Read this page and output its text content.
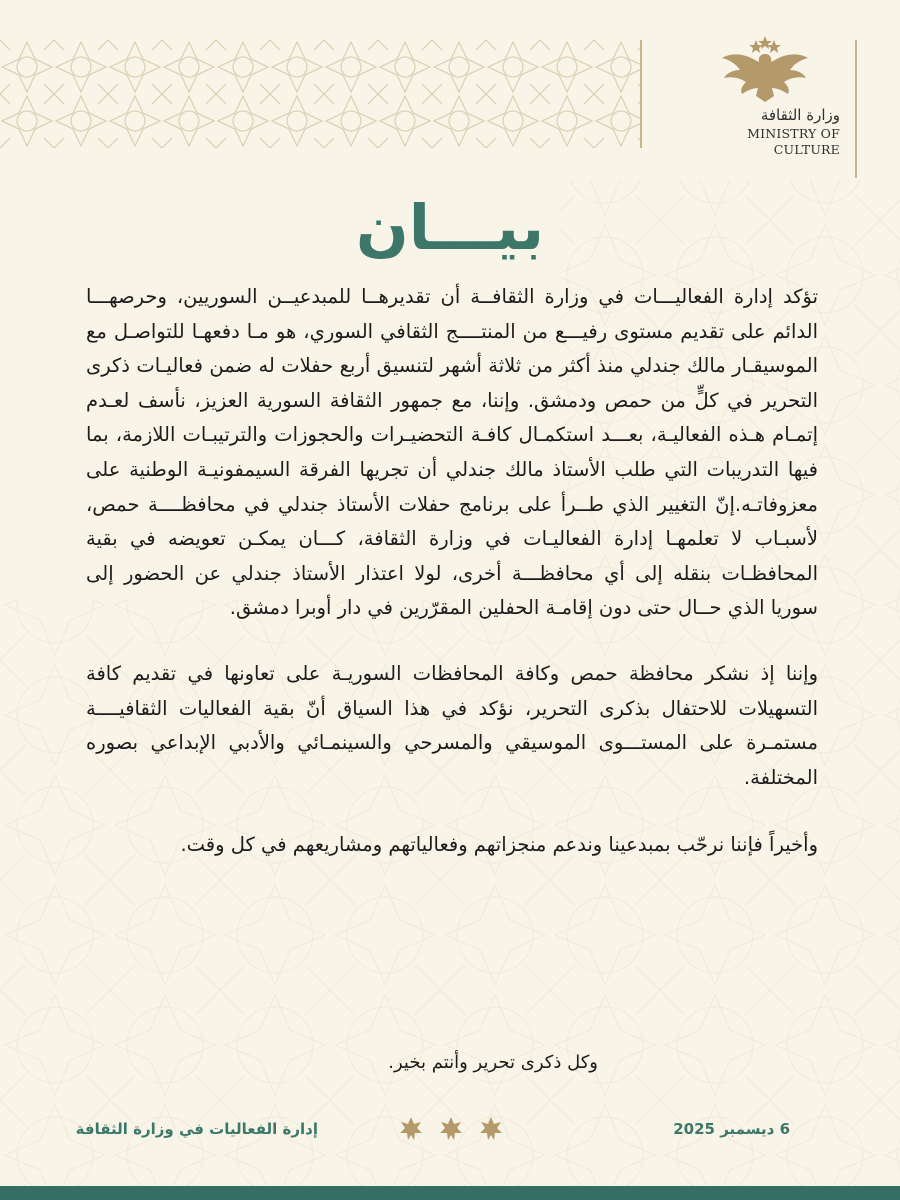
وزارة الثقافة
MINISTRY OF CULTURE
بيـــان

تؤكد إدارة الفعاليـــات في وزارة الثقافــة أن تقديرهــا للمبدعيــن السوريين، وحرصهـــا الدائم على تقديم مستوى رفيـــع من المنتــــج الثقافي السوري، هو مـا دفعهـا للتواصـل مع الموسيقـار مالك جندلي منذ أكثر من ثلاثة أشهر لتنسيق أربع حفلات له ضمن فعاليـات ذكرى التحرير في كلٍّ من حمص ودمشق. وإننا، مع جمهور الثقافة السورية العزيز، نأسف لعـدم إتمـام هـذه الفعاليـة، بعـــد استكمـال كافـة التحضيـرات والحجوزات والترتيبـات اللازمة، بما فيها التدريبات التي طلب الأستاذ مالك جندلي أن تجريها الفرقة السيمفونيـة الوطنية على معزوفاتـه.إنّ التغيير الذي طــرأ على برنامج حفلات الأستاذ جندلي في محافظــــة حمص، لأسبـاب لا تعلمهـا إدارة الفعاليـات في وزارة الثقافة، كـــان يمكـن تعويضه في بقية المحافظـات بنقله إلى أي محافظـــة أخرى، لولا اعتذار الأستاذ جندلي عن الحضور إلى سوريا الذي حــال حتى دون إقامـة الحفلين المقرّرين في دار أوبرا دمشق.

وإننا إذ نشكر محافظة حمص وكافة المحافظات السوريـة على تعاونها في تقديم كافة التسهيلات للاحتفال بذكرى التحرير، نؤكد في هذا السياق أنّ بقية الفعاليات الثقافيــــة مستمـرة على المستـــوى الموسيقي والمسرحي والسينمـائي والأدبي الإبداعي بصوره المختلفة.

وأخيراً فإننا نرحّب بمبدعينا وندعم منجزاتهم وفعالياتهم ومشاريعهم في كل وقت.

وكل ذكرى تحرير وأنتم بخير.
إدارة الفعاليات في وزارة الثقافة	6 ديسمبر 2025
